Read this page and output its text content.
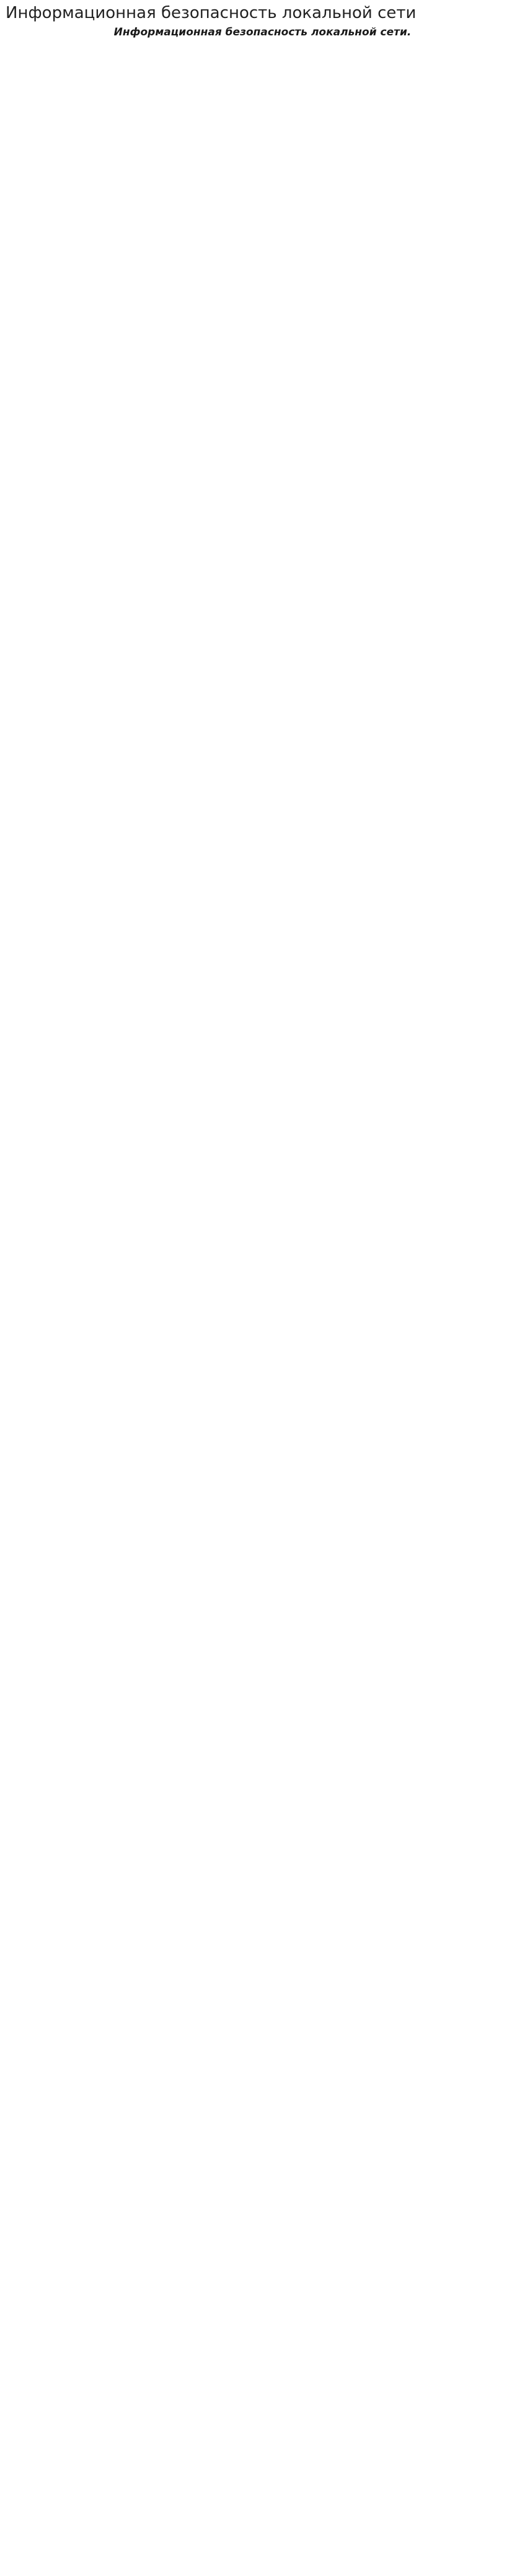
Информационная безопасность локальной сети
Информационная безопасность локальной сети.
